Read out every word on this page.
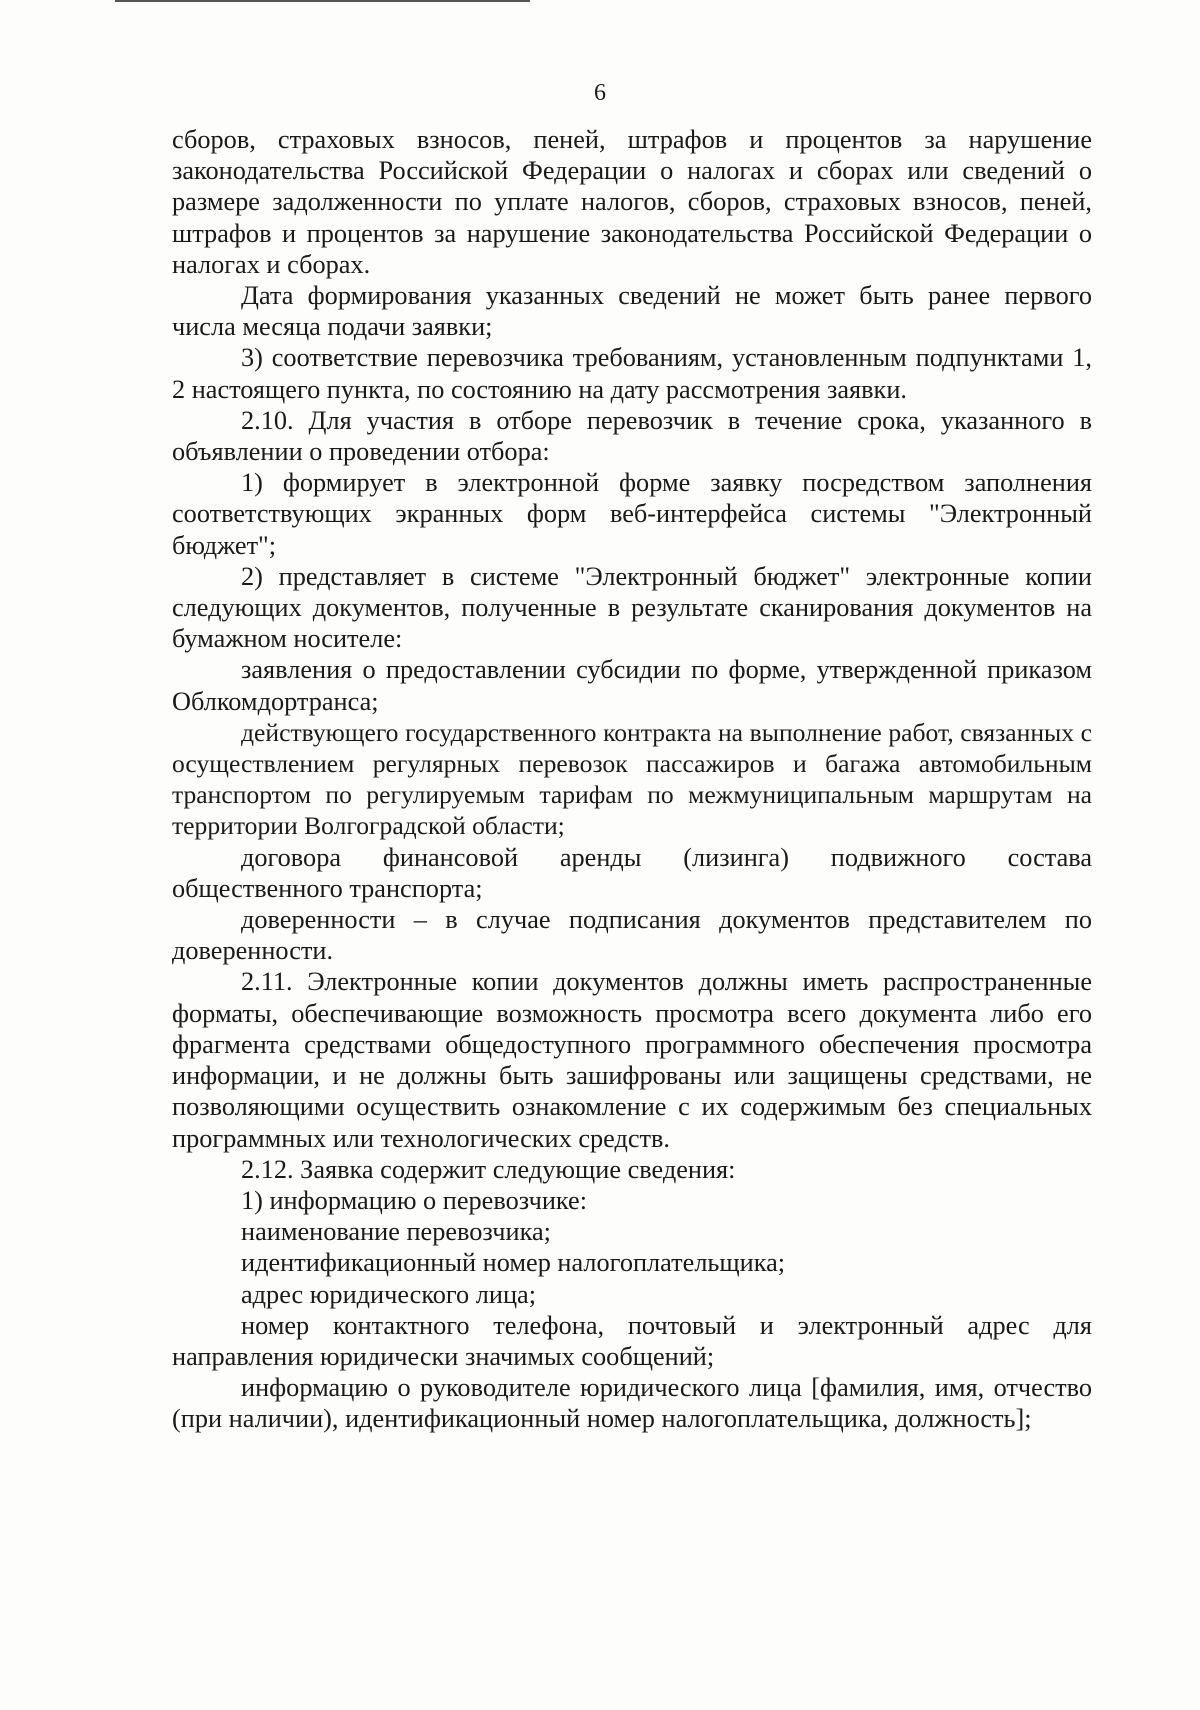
6

сборов, страховых взносов, пеней, штрафов и процентов за нарушение законодательства Российской Федерации о налогах и сборах или сведений о размере задолженности по уплате налогов, сборов, страховых взносов, пеней, штрафов и процентов за нарушение законодательства Российской Федерации о налогах и сборах.

Дата формирования указанных сведений не может быть ранее первого числа месяца подачи заявки;

3) соответствие перевозчика требованиям, установленным подпунктами 1, 2 настоящего пункта, по состоянию на дату рассмотрения заявки.

2.10. Для участия в отборе перевозчик в течение срока, указанного в объявлении о проведении отбора:

1) формирует в электронной форме заявку посредством заполнения соответствующих экранных форм веб-интерфейса системы "Электронный бюджет";

2) представляет в системе "Электронный бюджет" электронные копии следующих документов, полученные в результате сканирования документов на бумажном носителе:

заявления о предоставлении субсидии по форме, утвержденной приказом Облкомдортранса;

действующего государственного контракта на выполнение работ, связанных с осуществлением регулярных перевозок пассажиров и багажа автомобильным транспортом по регулируемым тарифам по межмуниципальным маршрутам на территории Волгоградской области;

договора финансовой аренды (лизинга) подвижного состава общественного транспорта;

доверенности – в случае подписания документов представителем по доверенности.

2.11. Электронные копии документов должны иметь распространенные форматы, обеспечивающие возможность просмотра всего документа либо его фрагмента средствами общедоступного программного обеспечения просмотра информации, и не должны быть зашифрованы или защищены средствами, не позволяющими осуществить ознакомление с их содержимым без специальных программных или технологических средств.

2.12. Заявка содержит следующие сведения:

1) информацию о перевозчике:

наименование перевозчика;

идентификационный номер налогоплательщика;

адрес юридического лица;

номер контактного телефона, почтовый и электронный адрес для направления юридически значимых сообщений;

информацию о руководителе юридического лица [фамилия, имя, отчество (при наличии), идентификационный номер налогоплательщика, должность];
